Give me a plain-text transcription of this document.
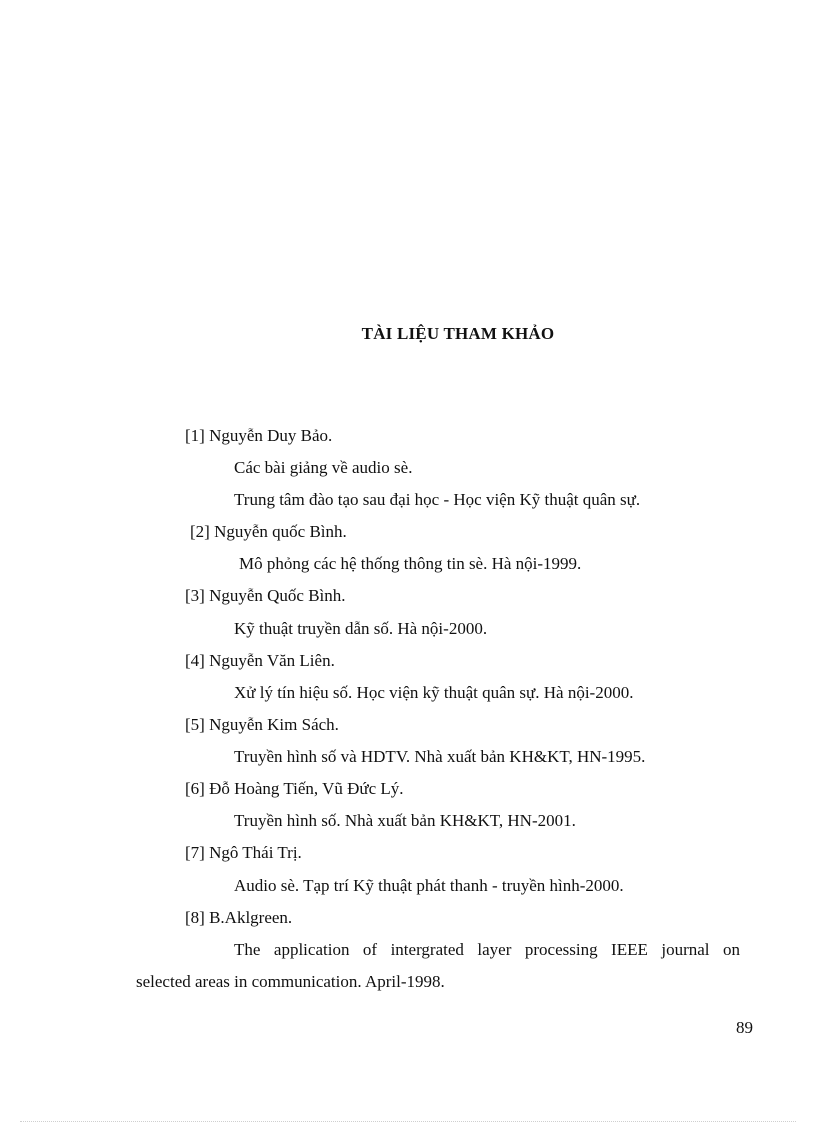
TÀI LIỆU THAM KHẢO
[1] Nguyễn Duy Bảo.
Các bài giảng về audio sè.
Trung tâm đào tạo sau đại học - Học viện Kỹ thuật quân sự.
[2] Nguyễn quốc Bình.
Mô phỏng các hệ thống thông tin sè. Hà nội-1999.
[3] Nguyễn Quốc Bình.
Kỹ thuật truyền dẫn số. Hà nội-2000.
[4] Nguyễn Văn Liên.
Xử lý tín hiệu số. Học viện kỹ thuật quân sự. Hà nội-2000.
[5] Nguyễn Kim Sách.
Truyền hình số và HDTV. Nhà xuất bản KH&KT, HN-1995.
[6] Đỗ Hoàng Tiến, Vũ Đức Lý.
Truyền hình số. Nhà xuất bản KH&KT, HN-2001.
[7] Ngô Thái Trị.
Audio sè. Tạp trí Kỹ thuật phát thanh - truyền hình-2000.
[8] B.Aklgreen.
The application of intergrated layer processing IEEE journal on
selected areas in communication. April-1998.
89
